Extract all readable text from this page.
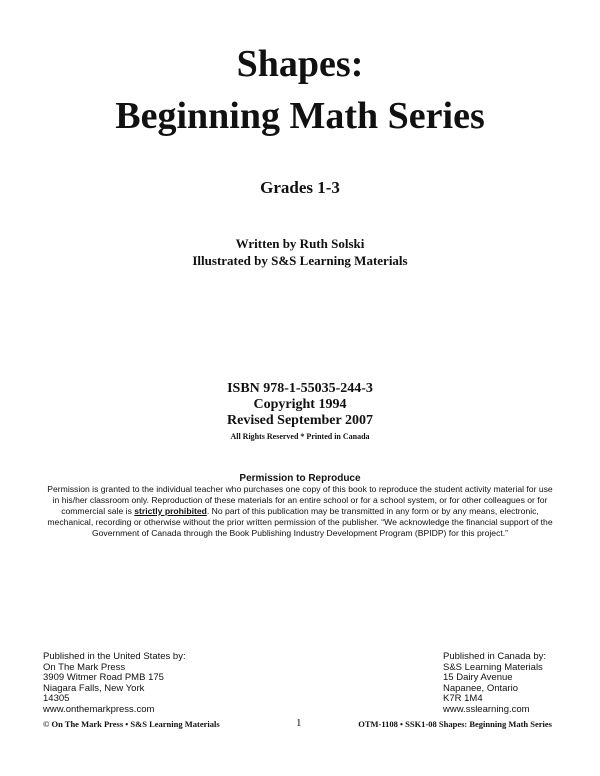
Shapes:
Beginning Math Series
Grades 1-3
Written by Ruth Solski
Illustrated by S&S Learning Materials
ISBN 978-1-55035-244-3
Copyright 1994
Revised September 2007
All Rights Reserved * Printed in Canada
Permission to Reproduce
Permission is granted to the individual teacher who purchases one copy of this book to reproduce the student activity material for use in his/her classroom only. Reproduction of these materials for an entire school or for a school system, or for other colleagues or for commercial sale is strictly prohibited. No part of this publication may be transmitted in any form or by any means, electronic, mechanical, recording or otherwise without the prior written permission of the publisher. “We acknowledge the financial support of the Government of Canada through the Book Publishing Industry Development Program (BPIDP) for this project.”
Published in the United States by:
On The Mark Press
3909 Witmer Road PMB 175
Niagara Falls, New York
14305
www.onthemarkpress.com
Published in Canada by:
S&S Learning Materials
15 Dairy Avenue
Napanee, Ontario
K7R 1M4
www.sslearning.com
© On The Mark Press • S&S Learning Materials	1	OTM-1108 • SSK1-08 Shapes: Beginning Math Series
